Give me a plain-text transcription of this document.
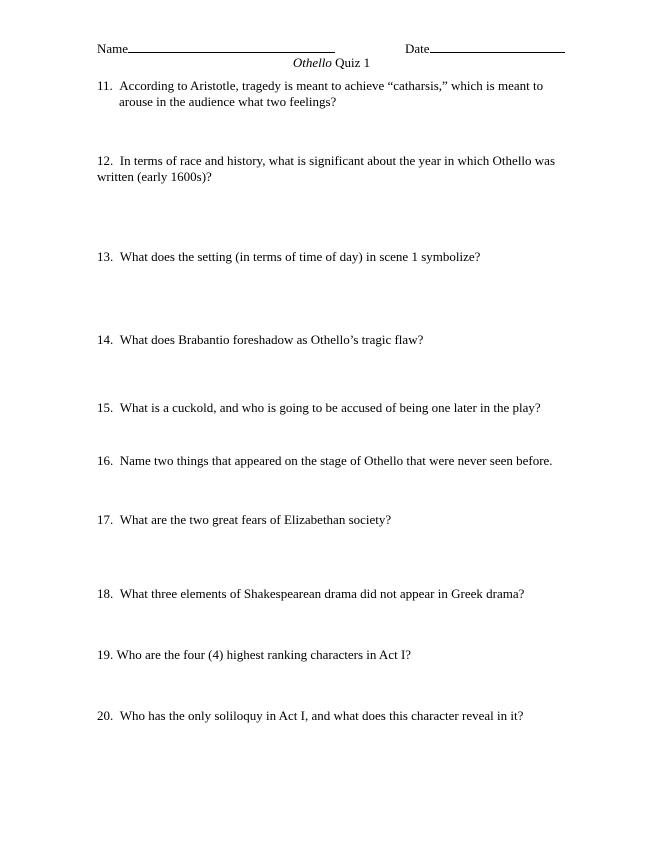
Name	Date
Othello Quiz 1
11. According to Aristotle, tragedy is meant to achieve “catharsis,” which is meant to arouse in the audience what two feelings?
12. In terms of race and history, what is significant about the year in which Othello was written (early 1600s)?
13. What does the setting (in terms of time of day) in scene 1 symbolize?
14. What does Brabantio foreshadow as Othello’s tragic flaw?
15. What is a cuckold, and who is going to be accused of being one later in the play?
16. Name two things that appeared on the stage of Othello that were never seen before.
17. What are the two great fears of Elizabethan society?
18. What three elements of Shakespearean drama did not appear in Greek drama?
19. Who are the four (4) highest ranking characters in Act I?
20. Who has the only soliloquy in Act I, and what does this character reveal in it?
